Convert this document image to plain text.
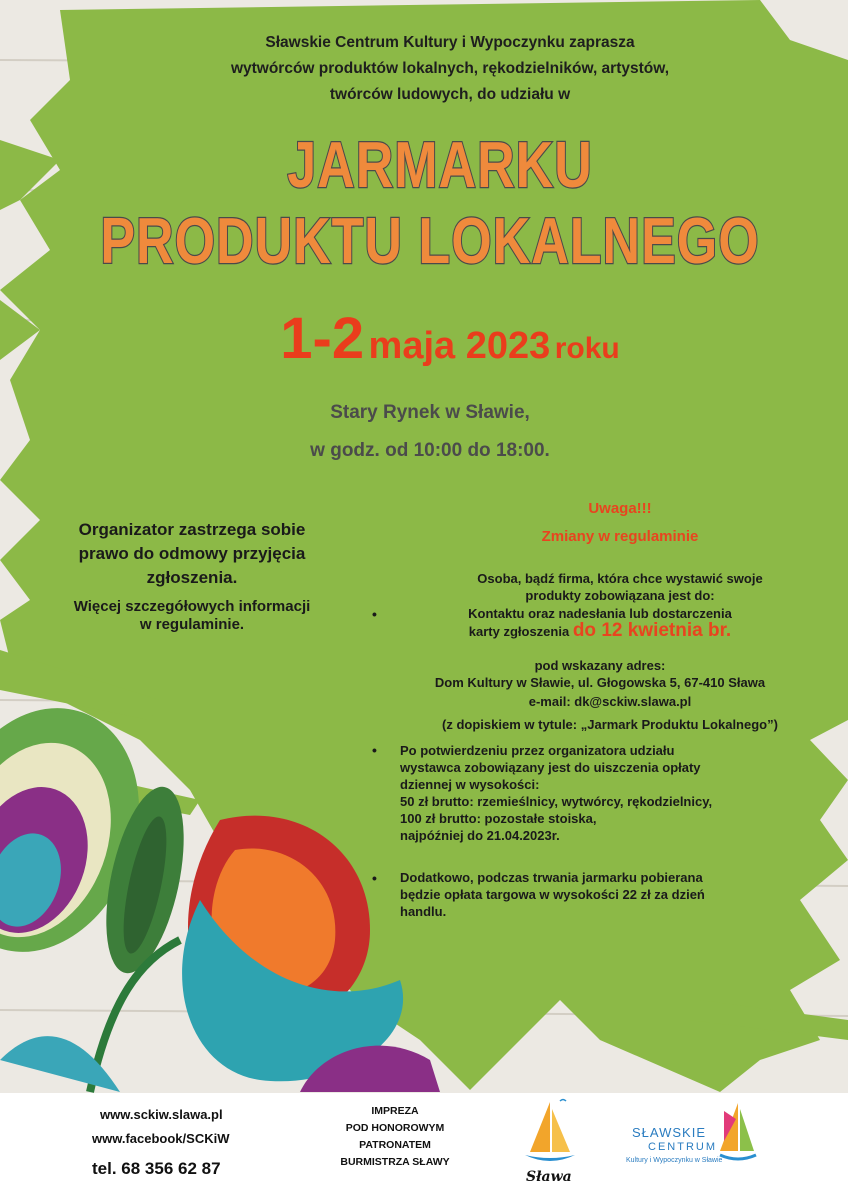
Sławskie Centrum Kultury i Wypoczynku zaprasza
wytwórców produktów lokalnych, rękodzielników, artystów,
twórców ludowych, do udziału w
JARMARKU
PRODUKTU LOKALNEGO
1-2 maja 2023 roku
Stary Rynek w Sławie,
w godz. od 10:00 do 18:00.
Organizator zastrzega sobie
prawo do odmowy przyjęcia
zgłoszenia.
Więcej szczegółowych informacji
w regulaminie.
Uwaga!!!
Zmiany w regulaminie
Osoba, bądź firma, która chce wystawić swoje
produkty zobowiązana jest do:
•	Kontaktu oraz nadesłania lub dostarczenia
karty zgłoszenia do 12 kwietnia br.
pod wskazany adres:
Dom Kultury w Sławie, ul. Głogowska 5, 67-410 Sława
e-mail: dk@sckiw.slawa.pl
(z dopiskiem w tytule: „Jarmark Produktu Lokalnego”)
• Po potwierdzeniu przez organizatora udziału
wystawca zobowiązany jest do uiszczenia opłaty
dziennej w wysokości:
50 zł brutto: rzemieślnicy, wytwórcy, rękodzielnicy,
100 zł brutto: pozostałe stoiska,
najpóźniej do 21.04.2023r.
• Dodatkowo, podczas trwania jarmarku pobierana
będzie opłata targowa w wysokości 22 zł za dzień
handlu.
www.sckiw.slawa.pl
www.facebook/SCKiW
tel. 68 356 62 87
IMPREZA
POD HONOROWYM
PATRONATEM
BURMISTRZA SŁAWY
Sława
SŁAWSKIE
CENTRUM
Kultury i Wypoczynku w Sławie
